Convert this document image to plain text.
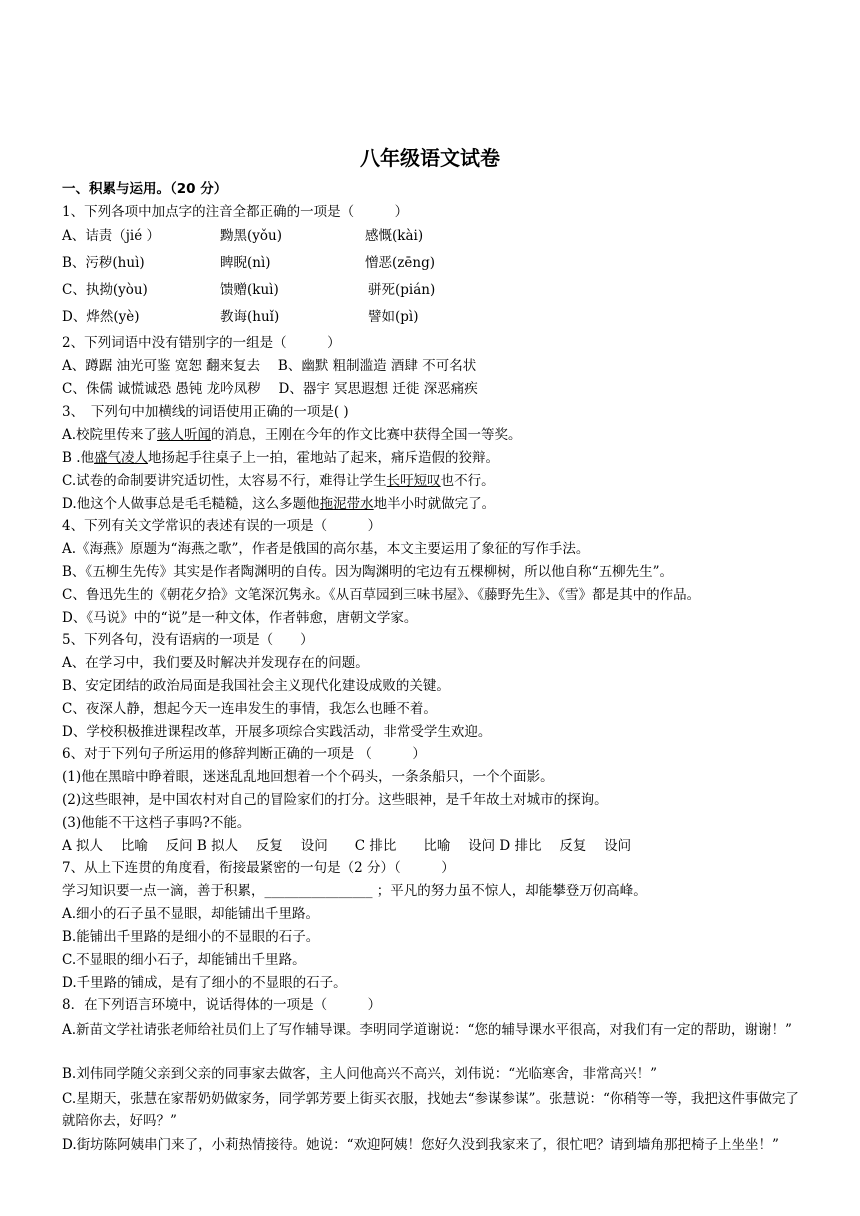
八年级语文试卷
一、积累与运用。（20 分）
1、下列各项中加点字的注音全都正确的一项是（　　　）
A、诘责（jié ）	黝黑(yǒu)	感慨(kài)
B、污秽(huì)	睥睨(nì)	憎恶(zēng)
C、执拗(yòu)	馈赠(kuì)	骈死(pián)
D、烨然(yè)	教诲(huǐ)	譬如(pì)
2、下列词语中没有错别字的一组是（　　　）
A、蹲踞 油光可鉴 宽恕 翻来复去　 B、幽默 粗制滥造 酒肆 不可名状
C、侏儒 诚慌诚恐 愚钝 龙吟凤秽　 D、器宇 冥思遐想 迁徙 深恶痛疾
3、　下列句中加横线的词语使用正确的一项是( )
A.校院里传来了骇人听闻的消息，王刚在今年的作文比赛中获得全国一等奖。
B .他盛气凌人地扬起手往桌子上一拍，霍地站了起来，痛斥造假的狡辩。
C.试卷的命制要讲究适切性，太容易不行，难得让学生长吁短叹也不行。
D.他这个人做事总是毛毛糙糙，这么多题他拖泥带水地半小时就做完了。
4、下列有关文学常识的表述有误的一项是（　　　）
A.《海燕》原题为“海燕之歌”，作者是俄国的高尔基，本文主要运用了象征的写作手法。
B、《五柳生先传》其实是作者陶渊明的自传。因为陶渊明的宅边有五棵柳树，所以他自称“五柳先生”。
C、鲁迅先生的《朝花夕拾》文笔深沉隽永。《从百草园到三味书屋》、《藤野先生》、《雪》都是其中的作品。
D、《马说》中的“说”是一种文体，作者韩愈，唐朝文学家。
5、下列各句，没有语病的一项是（　　）
A、在学习中，我们要及时解决并发现存在的问题。
B、安定团结的政治局面是我国社会主义现代化建设成败的关键。
C、夜深人静，想起今天一连串发生的事情，我怎么也睡不着。
D、学校积极推进课程改革，开展多项综合实践活动，非常受学生欢迎。
6、对于下列句子所运用的修辞判断正确的一项是 （　　　）
(1)他在黑暗中睁着眼，迷迷乱乱地回想着一个个码头，一条条船只，一个个面影。
(2)这些眼神，是中国农村对自己的冒险家们的打分。这些眼神，是千年故土对城市的探询。
(3)他能不干这档子事吗?不能。
A 拟人　 比喻　 反问 B 拟人　 反复　 设问　　C 排比　　比喻　 设问 D 排比　 反复　 设问
7、从上下连贯的角度看，衔接最紧密的一句是（2 分）（　　　）
学习知识要一点一滴，善于积累，________________ ；平凡的努力虽不惊人，却能攀登万仞高峰。
A.细小的石子虽不显眼，却能铺出千里路。
B.能铺出千里路的是细小的不显眼的石子。
C.不显眼的细小石子，却能铺出千里路。
D.千里路的铺成，是有了细小的不显眼的石子。
8．在下列语言环境中，说话得体的一项是（　　　）
A.新苗文学社请张老师给社员们上了写作辅导课。李明同学道谢说：“您的辅导课水平很高，对我们有一定的帮助，谢谢！”
B.刘伟同学随父亲到父亲的同事家去做客，主人问他高兴不高兴，刘伟说：“光临寒舍，非常高兴！”
C.星期天，张慧在家帮奶奶做家务，同学郭芳要上街买衣服，找她去“参谋参谋”。张慧说：“你稍等一等，我把这件事做完了就陪你去，好吗？”
D.街坊陈阿姨串门来了，小莉热情接待。她说：“欢迎阿姨！您好久没到我家来了，很忙吧？请到墙角那把椅子上坐坐！”
